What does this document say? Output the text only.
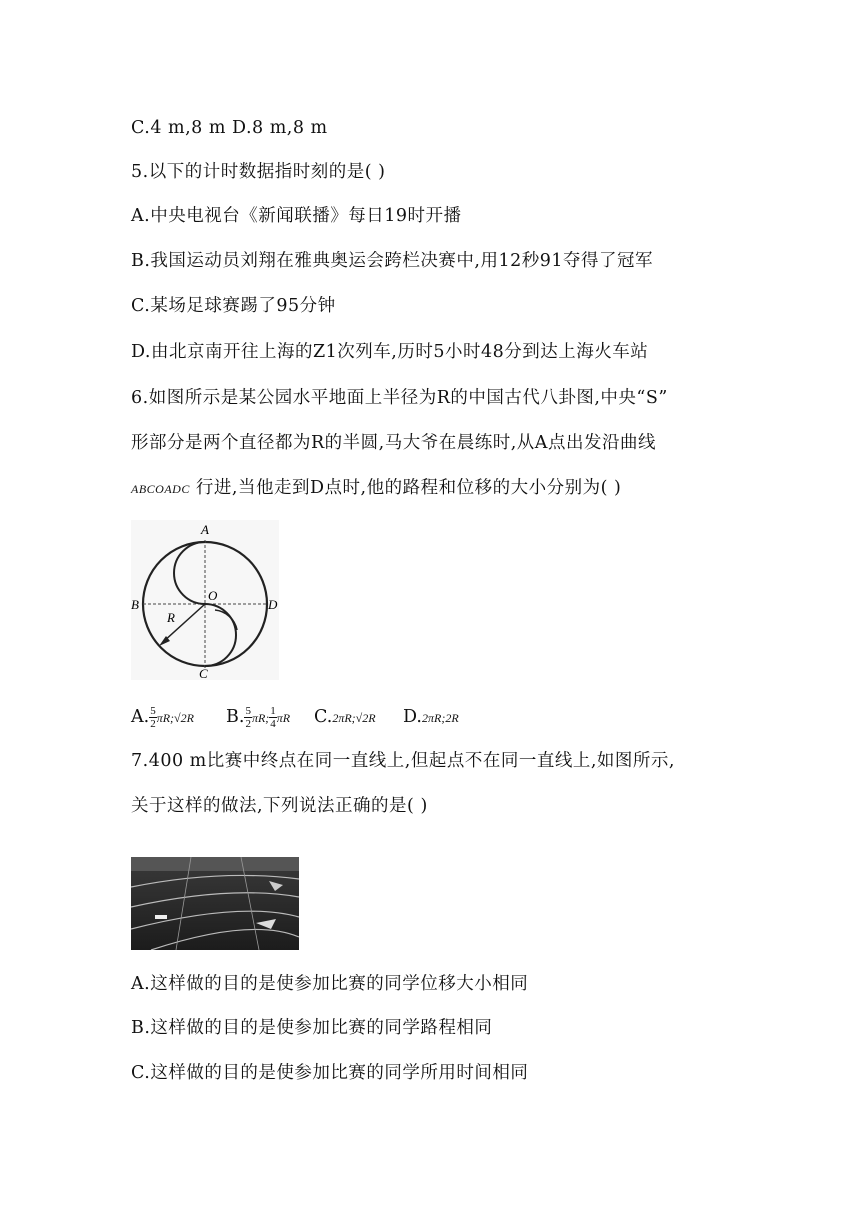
C.4 m,8 m D.8 m,8 m
5.以下的计时数据指时刻的是( )
A.中央电视台《新闻联播》每日19时开播
B.我国运动员刘翔在雅典奥运会跨栏决赛中,用12秒91夺得了冠军
C.某场足球赛踢了95分钟
D.由北京南开往上海的Z1次列车,历时5小时48分到达上海火车站
6.如图所示是某公园水平地面上半径为R的中国古代八卦图,中央“S”
形部分是两个直径都为R的半圆,马大爷在晨练时,从A点出发沿曲线
ABCOADC 行进,当他走到D点时,他的路程和位移的大小分别为( )
A
B
C
D
O
R
A. $\frac{5}{2}$ πR;√2R B. $\frac{5}{2} \pi R$; $\frac{1}{4}$ πR C.2πR;√2R D.2πR;2R
7.400 m比赛中终点在同一直线上,但起点不在同一直线上,如图所示,
关于这样的做法,下列说法正确的是( )
A.这样做的目的是使参加比赛的同学位移大小相同
B.这样做的目的是使参加比赛的同学路程相同
C.这样做的目的是使参加比赛的同学所用时间相同
